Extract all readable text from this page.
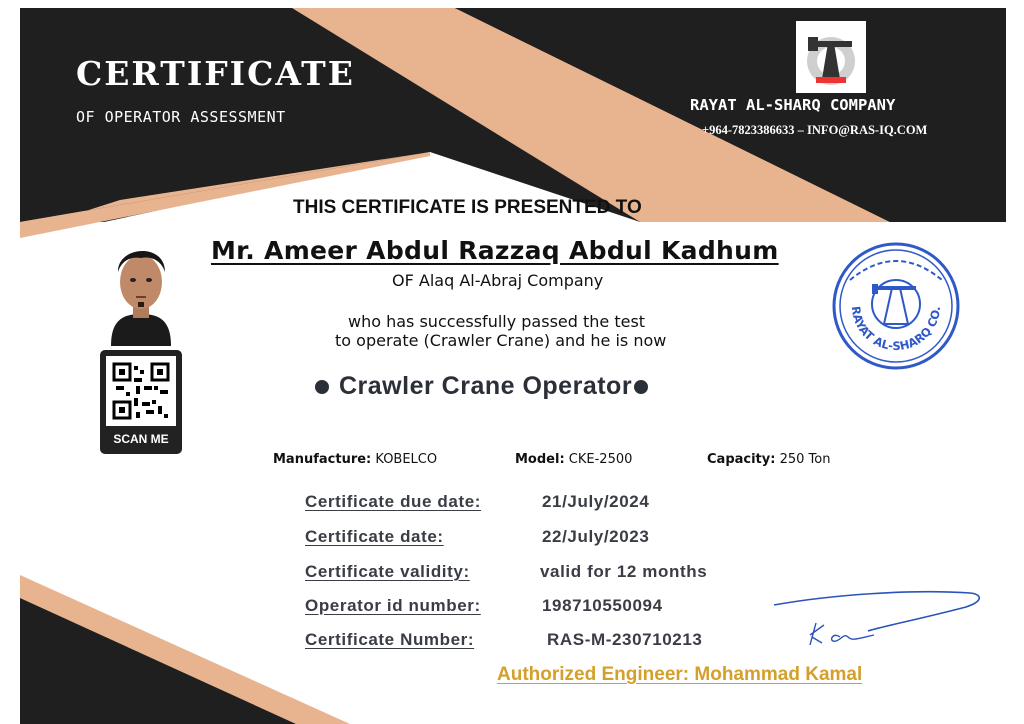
CERTIFICATE
OF OPERATOR ASSESSMENT
RAYAT AL-SHARQ COMPANY
+964-7823386633 – INFO@RAS-IQ.COM
THIS CERTIFICATE IS PRESENTED TO
Mr. Ameer Abdul Razzaq Abdul Kadhum
OF Alaq Al-Abraj Company
who has successfully passed the test
to operate (Crawler Crane) and he is now
Crawler Crane Operator
SCAN ME
RAYAT AL-SHARQ CO.
Manufacture: KOBELCO	Model: CKE-2500	Capacity: 250 Ton
Certificate due date:	21/July/2024
Certificate date:	22/July/2023
Certificate validity:	valid for 12 months
Operator id number:	198710550094
Certificate Number:	RAS-M-230710213
Authorized Engineer: Mohammad Kamal
